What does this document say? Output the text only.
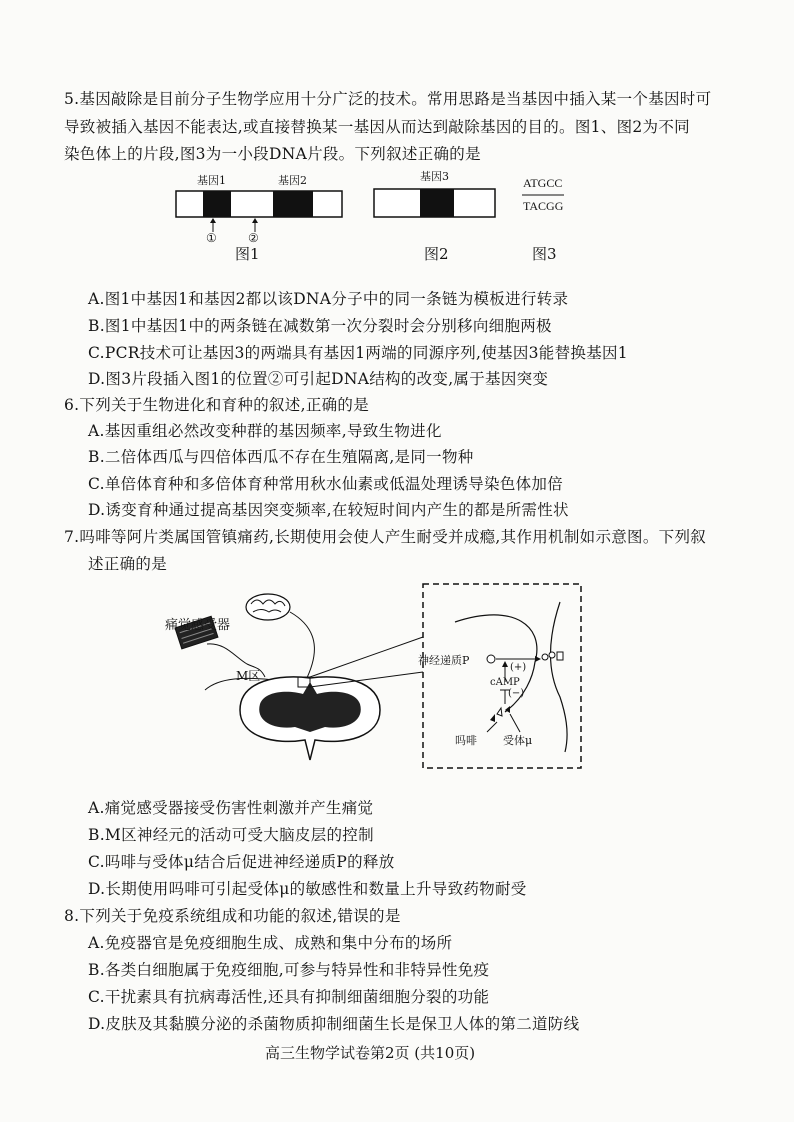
5.基因敲除是目前分子生物学应用十分广泛的技术。常用思路是当基因中插入某一个基因时可
导致被插入基因不能表达,或直接替换某一基因从而达到敲除基因的目的。图1、图2为不同
染色体上的片段,图3为一小段DNA片段。下列叙述正确的是
基因1	基因2
①	②
图1
基因3
图2
ATGCC
TACGG
图3
A.图1中基因1和基因2都以该DNA分子中的同一条链为模板进行转录
B.图1中基因1中的两条链在减数第一次分裂时会分别移向细胞两极
C.PCR技术可让基因3的两端具有基因1两端的同源序列,使基因3能替换基因1
D.图3片段插入图1的位置②可引起DNA结构的改变,属于基因突变
6.下列关于生物进化和育种的叙述,正确的是
A.基因重组必然改变种群的基因频率,导致生物进化
B.二倍体西瓜与四倍体西瓜不存在生殖隔离,是同一物种
C.单倍体育种和多倍体育种常用秋水仙素或低温处理诱导染色体加倍
D.诱变育种通过提高基因突变频率,在较短时间内产生的都是所需性状
7.吗啡等阿片类属国管镇痛药,长期使用会使人产生耐受并成瘾,其作用机制如示意图。下列叙
述正确的是
痛觉感受器
M区
神经递质P
(+)
cAMP
(−)
吗啡 受体μ
A.痛觉感受器接受伤害性刺激并产生痛觉
B.M区神经元的活动可受大脑皮层的控制
C.吗啡与受体μ结合后促进神经递质P的释放
D.长期使用吗啡可引起受体μ的敏感性和数量上升导致药物耐受
8.下列关于免疫系统组成和功能的叙述,错误的是
A.免疫器官是免疫细胞生成、成熟和集中分布的场所
B.各类白细胞属于免疫细胞,可参与特异性和非特异性免疫
C.干扰素具有抗病毒活性,还具有抑制细菌细胞分裂的功能
D.皮肤及其黏膜分泌的杀菌物质抑制细菌生长是保卫人体的第二道防线
高三生物学试卷第2页 (共10页)
